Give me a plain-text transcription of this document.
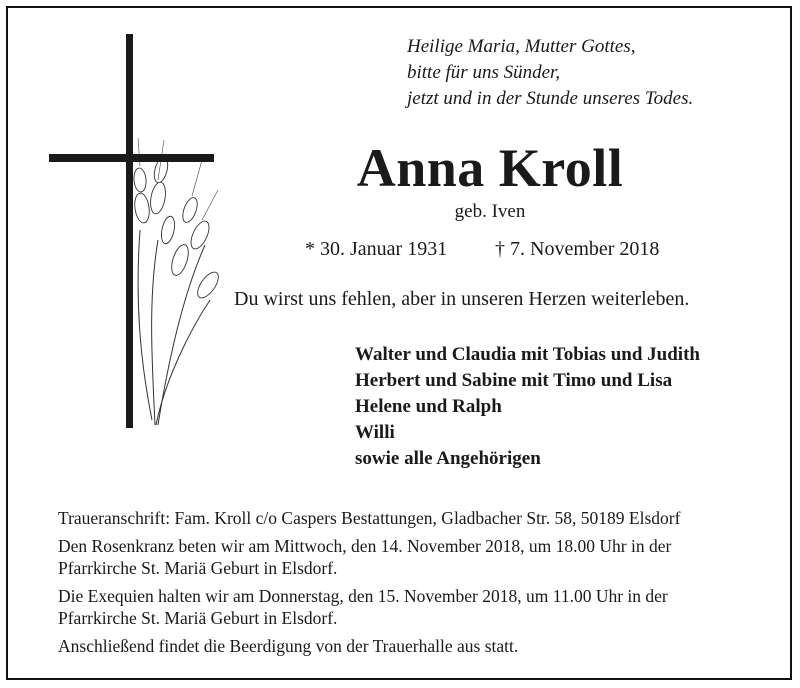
Heilige Maria, Mutter Gottes,
bitte für uns Sünder,
jetzt und in der Stunde unseres Todes.
Anna Kroll
geb. Iven
* 30. Januar 1931 † 7. November 2018
Du wirst uns fehlen, aber in unseren Herzen weiterleben.
Walter und Claudia mit Tobias und Judith
Herbert und Sabine mit Timo und Lisa
Helene und Ralph
Willi
sowie alle Angehörigen
Traueranschrift: Fam. Kroll c/o Caspers Bestattungen, Gladbacher Str. 58, 50189 Elsdorf
Den Rosenkranz beten wir am Mittwoch, den 14. November 2018, um 18.00 Uhr in der
Pfarrkirche St. Mariä Geburt in Elsdorf.
Die Exequien halten wir am Donnerstag, den 15. November 2018, um 11.00 Uhr in der
Pfarrkirche St. Mariä Geburt in Elsdorf.
Anschließend findet die Beerdigung von der Trauerhalle aus statt.
